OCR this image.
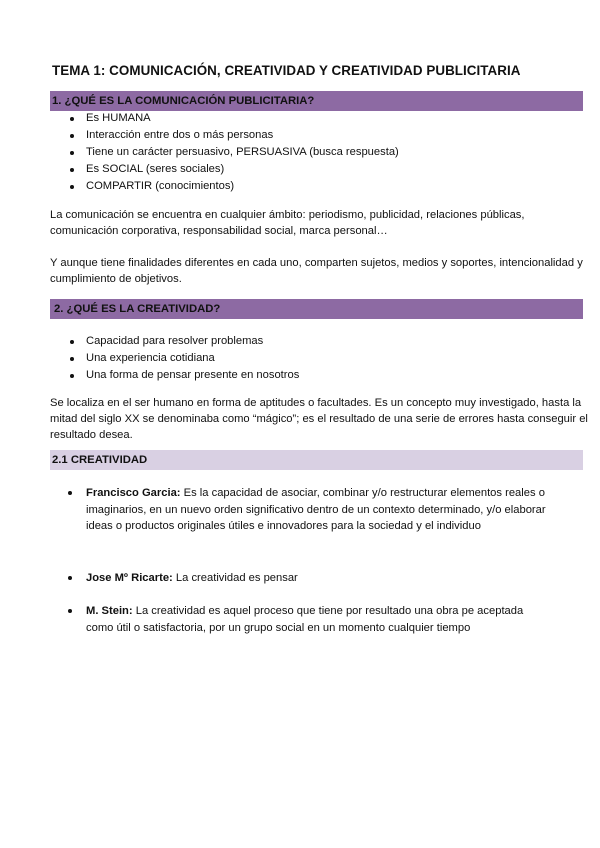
TEMA 1: COMUNICACIÓN, CREATIVIDAD Y CREATIVIDAD PUBLICITARIA
1. ¿QUÉ ES LA COMUNICACIÓN PUBLICITARIA?
Es HUMANA
Interacción entre dos o más personas
Tiene un carácter persuasivo, PERSUASIVA (busca respuesta)
Es SOCIAL (seres sociales)
COMPARTIR (conocimientos)
La comunicación se encuentra en cualquier ámbito: periodismo, publicidad, relaciones públicas, comunicación corporativa, responsabilidad social, marca personal…
Y aunque tiene finalidades diferentes en cada uno, comparten sujetos, medios y soportes, intencionalidad y cumplimiento de objetivos.
2. ¿QUÉ ES LA CREATIVIDAD?
Capacidad para resolver problemas
Una experiencia cotidiana
Una forma de pensar presente en nosotros
Se localiza en el ser humano en forma de aptitudes o facultades. Es un concepto muy investigado, hasta la mitad del siglo XX se denominaba como “mágico”; es el resultado de una serie de errores hasta conseguir el resultado desea.
2.1 CREATIVIDAD
Francisco Garcia: Es la capacidad de asociar, combinar y/o restructurar elementos reales o imaginarios, en un nuevo orden significativo dentro de un contexto determinado, y/o elaborar ideas o productos originales útiles e innovadores para la sociedad y el individuo
Jose Mº Ricarte: La creatividad es pensar
M. Stein: La creatividad es aquel proceso que tiene por resultado una obra pe aceptada como útil o satisfactoria, por un grupo social en un momento cualquier tiempo
